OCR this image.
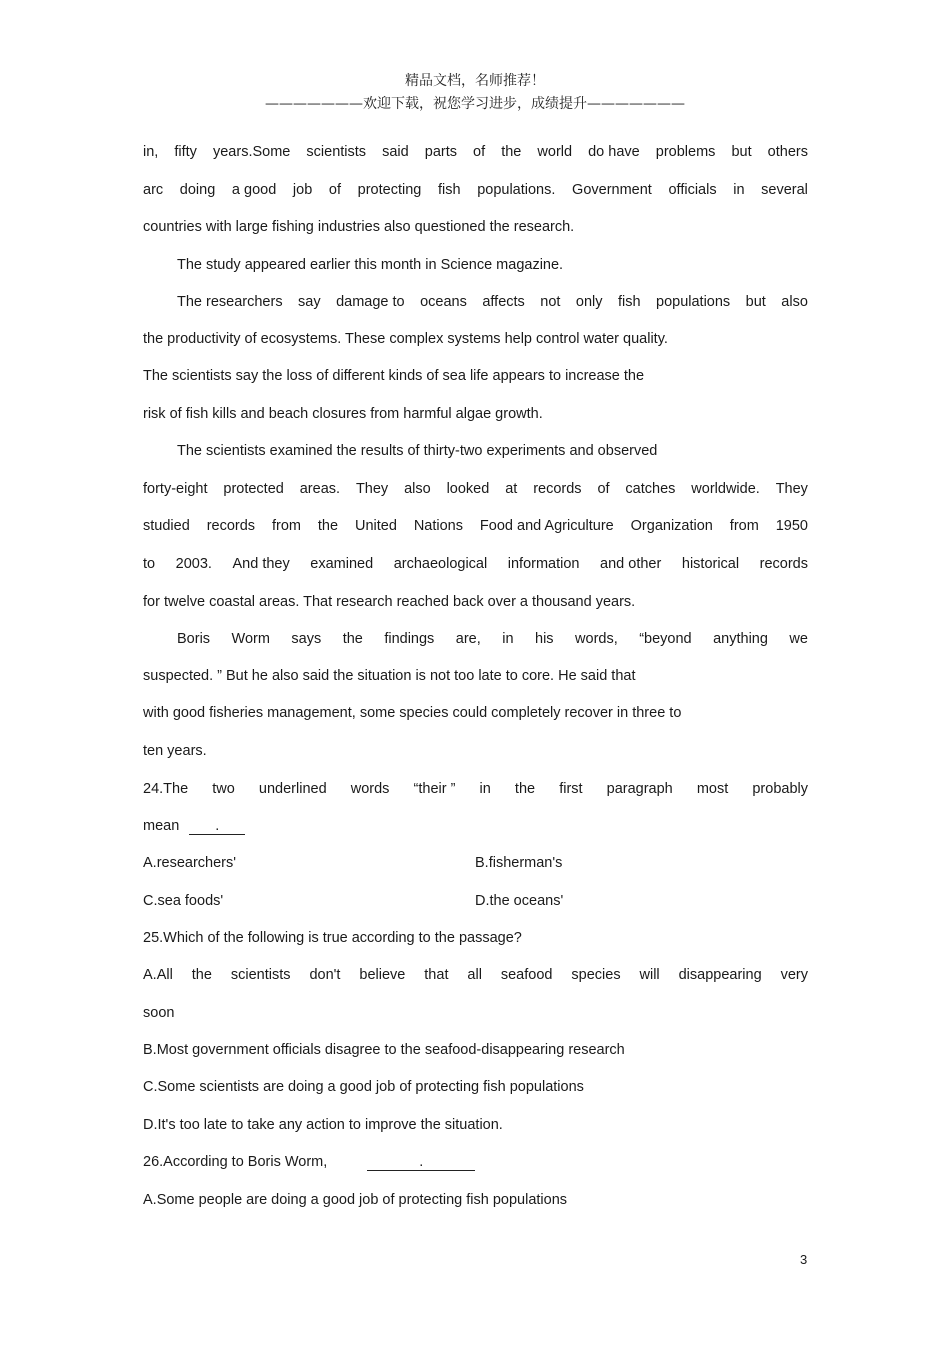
精品文档，名师推荐！
———————欢迎下载，祝您学习进步，成绩提升———————
in, fifty years.Some scientists said parts of the world do have problems but others
arc doing a good job of protecting fish populations. Government officials in several
countries with large fishing industries also questioned the research.
The study appeared earlier this month in Science magazine.
The researchers say damage to oceans affects not only fish populations but also
the productivity of ecosystems. These complex systems help control water quality.
The scientists say the loss of different kinds of sea life appears to increase the
risk of fish kills and beach closures from harmful algae growth.
The scientists examined the results of thirty-two experiments and observed
forty-eight protected areas. They also looked at records of catches worldwide. They
studied records from the United Nations Food and Agriculture Organization from 1950
to 2003. And they examined archaeological information and other historical records
for twelve coastal areas. That research reached back over a thousand years.
Boris Worm says the findings are, in his words, “beyond anything we
suspected. ” But he also said the situation is not too late to core. He said that
with good fisheries management, some species could completely recover in three to
ten years.
24.The two underlined words “their ” in the first paragraph most probably
mean .
A.researchers'	B.fisherman's
C.sea foods'	D.the oceans'
25.Which of the following is true according to the passage?
A.All the scientists don't believe that all seafood species will disappearing very
soon
B.Most government officials disagree to the seafood-disappearing research
C.Some scientists are doing a good job of protecting fish populations
D.It's too late to take any action to improve the situation.
26.According to Boris Worm,	.
A.Some people are doing a good job of protecting fish populations
3
